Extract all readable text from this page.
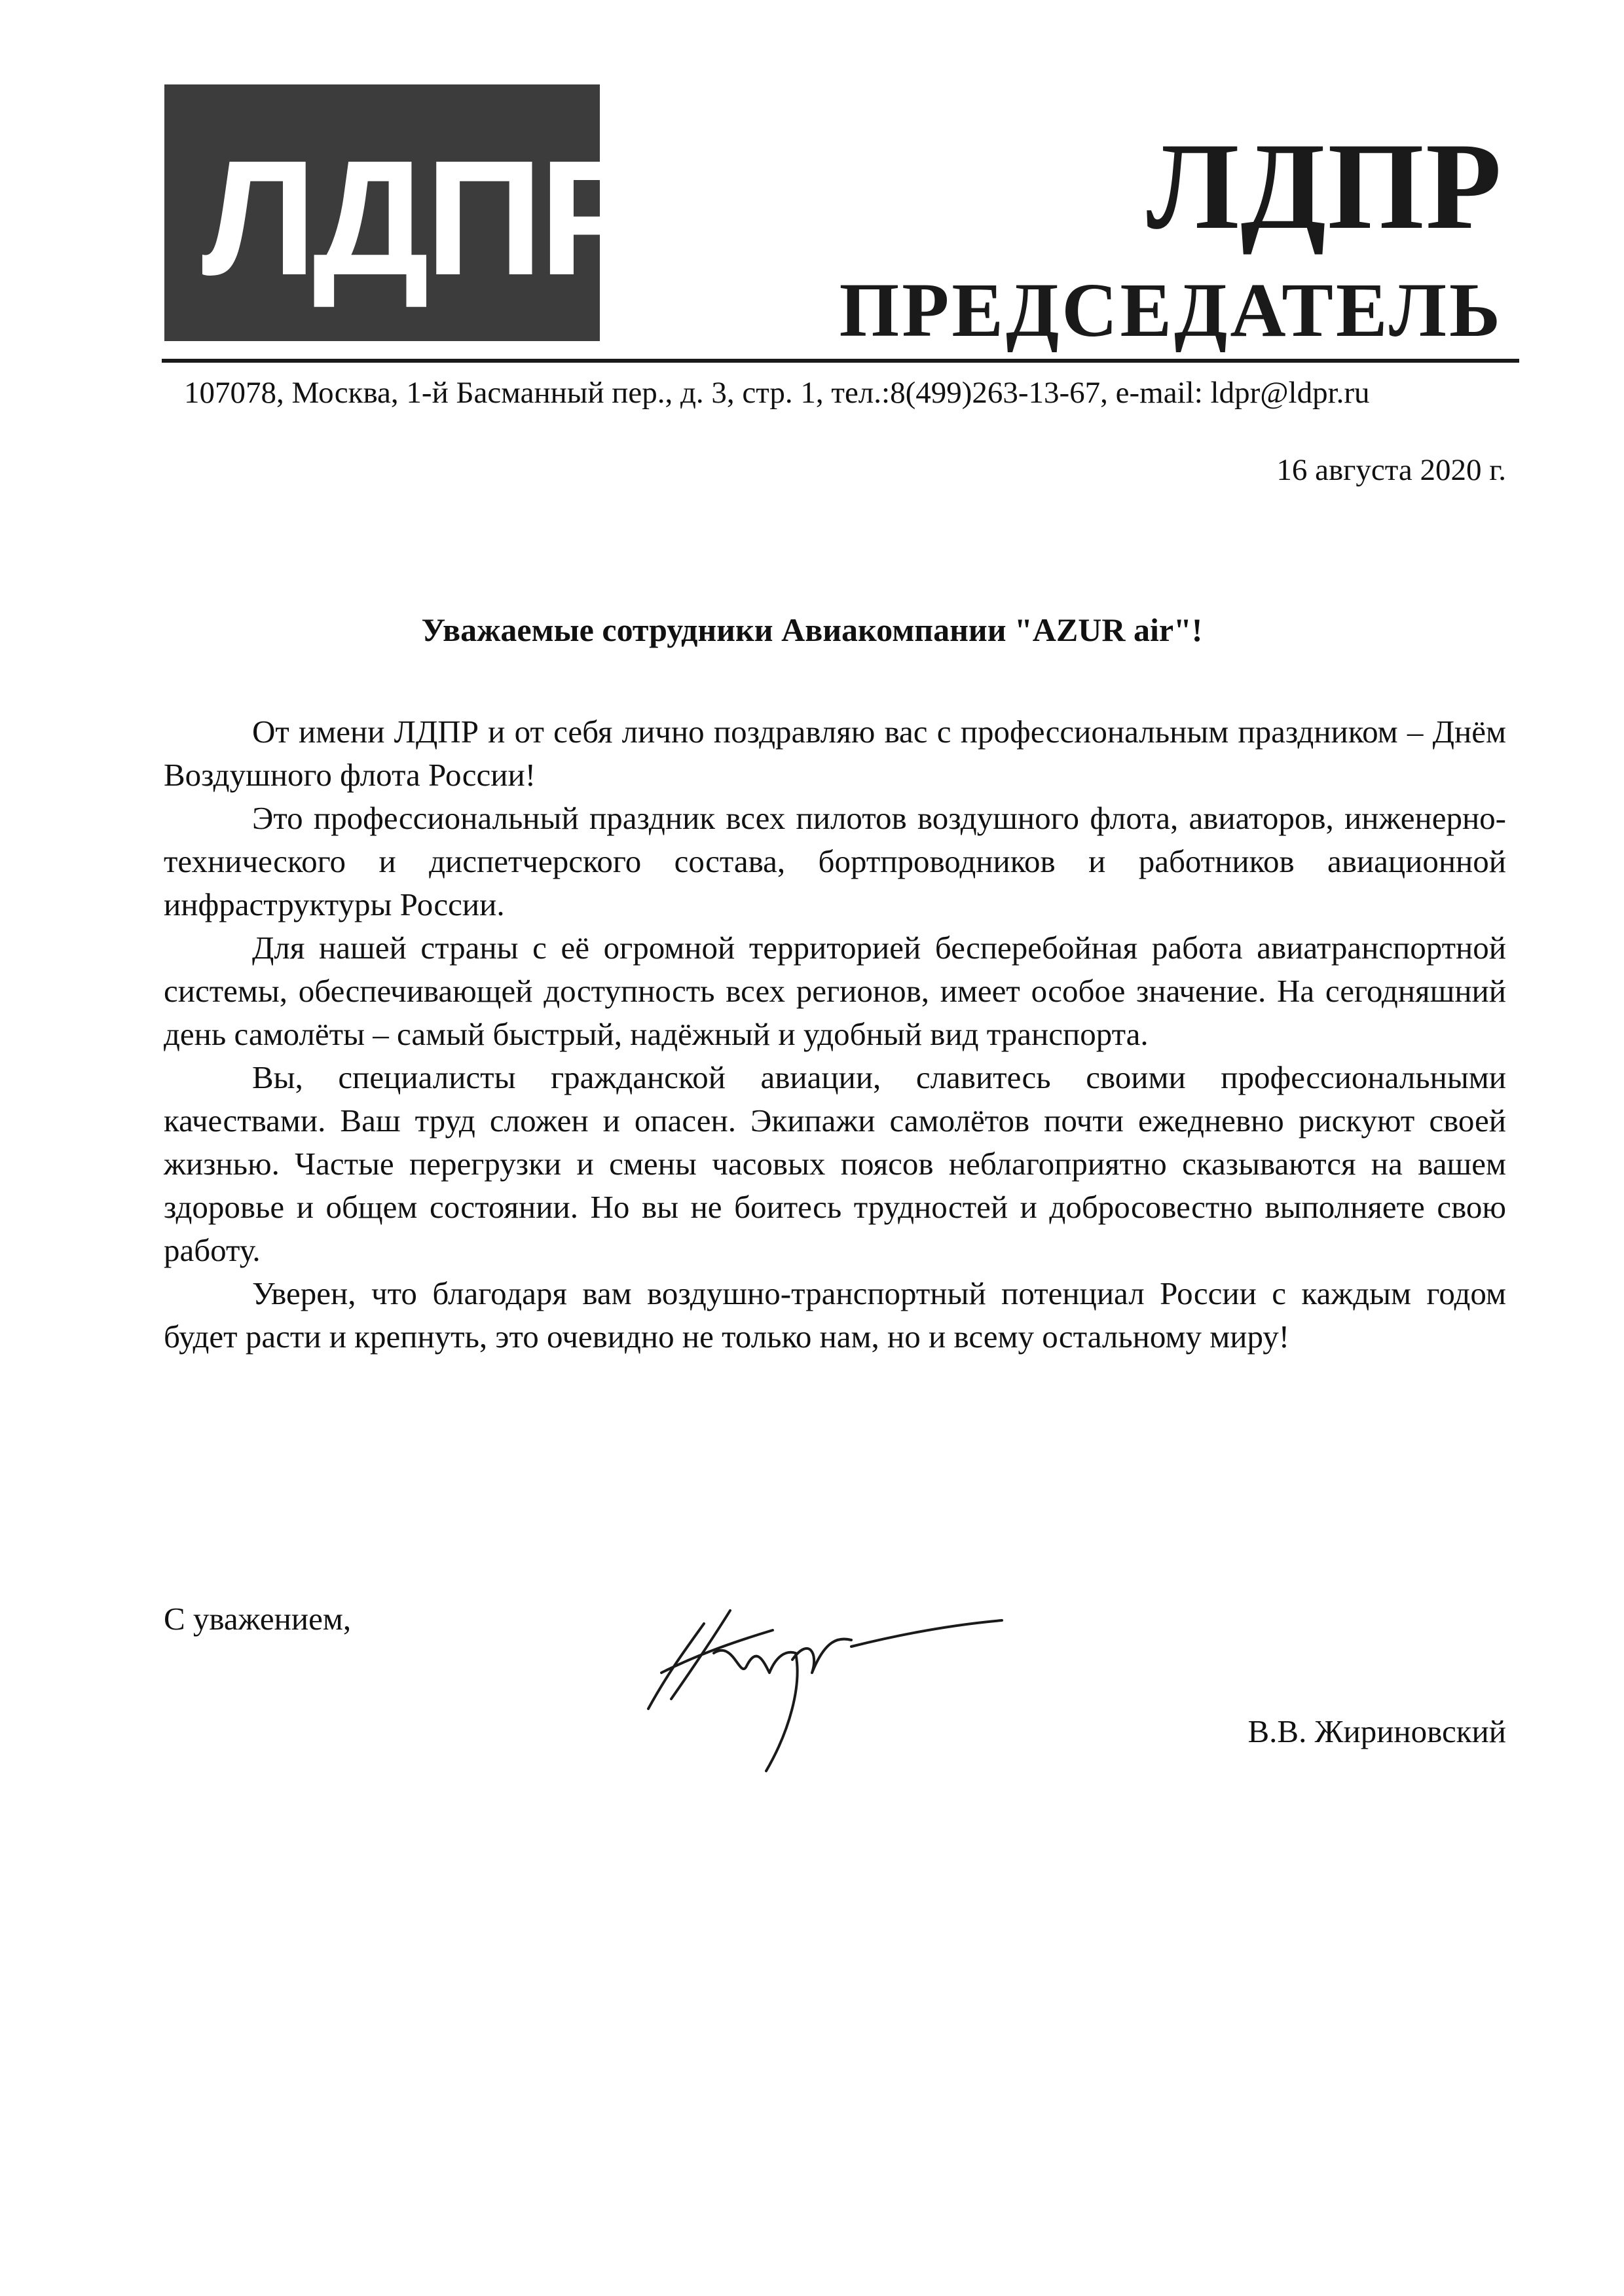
ЛДПР	ЛДПР
ПРЕДСЕДАТЕЛЬ
107078, Москва, 1-й Басманный пер., д. 3, стр. 1, тел.:8(499)263-13-67, e-mail: ldpr@ldpr.ru
16 августа 2020 г.
Уважаемые сотрудники Авиакомпании "AZUR air"!

От имени ЛДПР и от себя лично поздравляю вас с профессиональным праздником – Днём Воздушного флота России!

Это профессиональный праздник всех пилотов воздушного флота, авиаторов, инженерно-технического и диспетчерского состава, бортпроводников и работников авиационной инфраструктуры России.

Для нашей страны с её огромной территорией бесперебойная работа авиатранспортной системы, обеспечивающей доступность всех регионов, имеет особое значение. На сегодняшний день самолёты – самый быстрый, надёжный и удобный вид транспорта.

Вы, специалисты гражданской авиации, славитесь своими профессиональными качествами. Ваш труд сложен и опасен. Экипажи самолётов почти ежедневно рискуют своей жизнью. Частые перегрузки и смены часовых поясов неблагоприятно сказываются на вашем здоровье и общем состоянии. Но вы не боитесь трудностей и добросовестно выполняете свою работу.

Уверен, что благодаря вам воздушно-транспортный потенциал России с каждым годом будет расти и крепнуть, это очевидно не только нам, но и всему остальному миру!

С уважением,
В.В. Жириновский
